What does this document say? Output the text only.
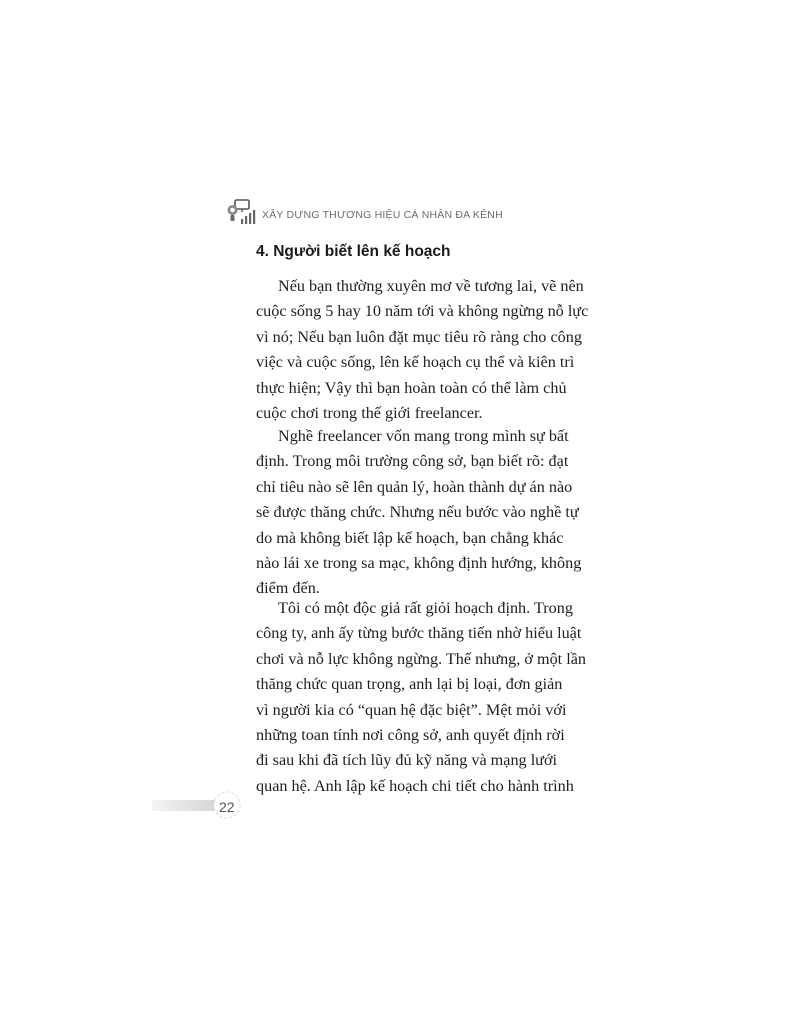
XÂY DỰNG THƯƠNG HIỆU CÁ NHÂN ĐA KÊNH
4. Người biết lên kế hoạch
Nếu bạn thường xuyên mơ về tương lai, vẽ nên
cuộc sống 5 hay 10 năm tới và không ngừng nỗ lực
vì nó; Nếu bạn luôn đặt mục tiêu rõ ràng cho công
việc và cuộc sống, lên kế hoạch cụ thể và kiên trì
thực hiện; Vậy thì bạn hoàn toàn có thể làm chủ
cuộc chơi trong thế giới freelancer.
Nghề freelancer vốn mang trong mình sự bất
định. Trong môi trường công sở, bạn biết rõ: đạt
chỉ tiêu nào sẽ lên quản lý, hoàn thành dự án nào
sẽ được thăng chức. Nhưng nếu bước vào nghề tự
do mà không biết lập kế hoạch, bạn chẳng khác
nào lái xe trong sa mạc, không định hướng, không
điểm đến.
Tôi có một độc giả rất giỏi hoạch định. Trong
công ty, anh ấy từng bước thăng tiến nhờ hiểu luật
chơi và nỗ lực không ngừng. Thế nhưng, ở một lần
thăng chức quan trọng, anh lại bị loại, đơn giản
vì người kia có “quan hệ đặc biệt”. Mệt mỏi với
những toan tính nơi công sở, anh quyết định rời
đi sau khi đã tích lũy đủ kỹ năng và mạng lưới
quan hệ. Anh lập kế hoạch chi tiết cho hành trình
22
